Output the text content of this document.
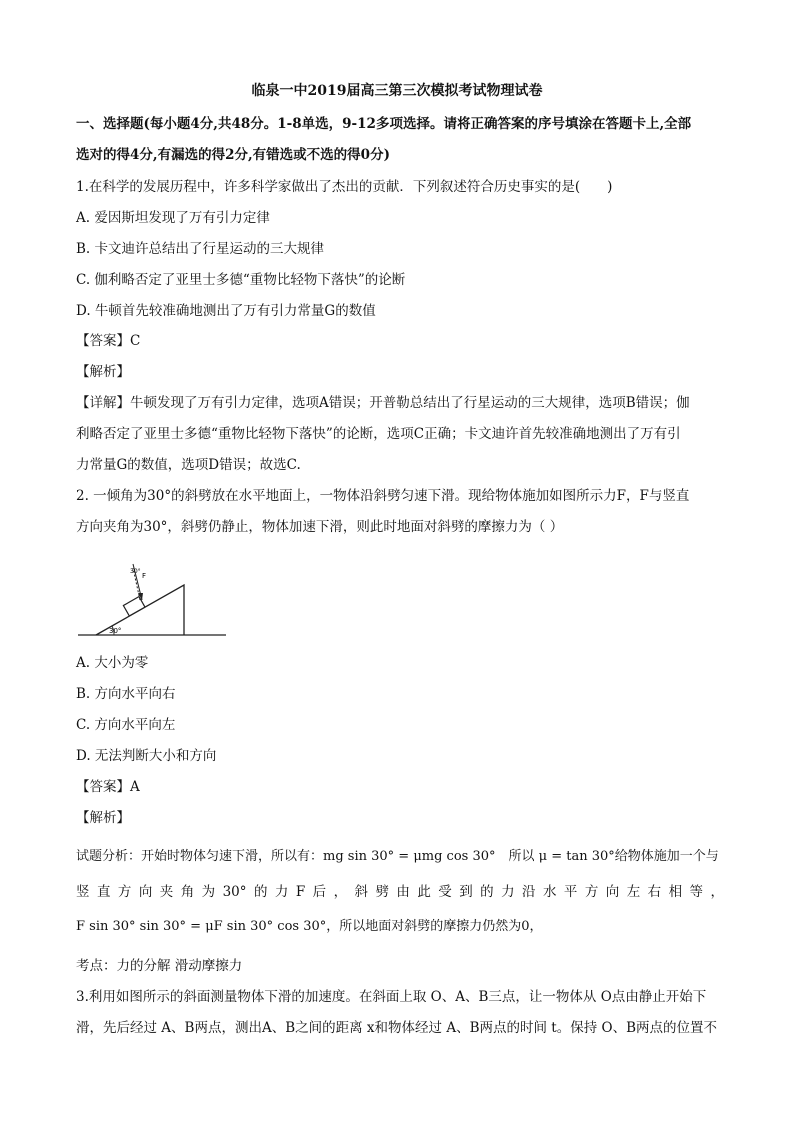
临泉一中2019届高三第三次模拟考试物理试卷
一、选择题(每小题4分,共48分。1-8单选，9-12多项选择。请将正确答案的序号填涂在答题卡上,全部
选对的得4分,有漏选的得2分,有错选或不选的得0分)
1.在科学的发展历程中，许多科学家做出了杰出的贡献．下列叙述符合历史事实的是(　　)
A. 爱因斯坦发现了万有引力定律
B. 卡文迪许总结出了行星运动的三大规律
C. 伽利略否定了亚里士多德“重物比轻物下落快”的论断
D. 牛顿首先较准确地测出了万有引力常量G的数值
【答案】C
【解析】
【详解】牛顿发现了万有引力定律，选项A错误；开普勒总结出了行星运动的三大规律，选项B错误；伽
利略否定了亚里士多德“重物比轻物下落快”的论断，选项C正确；卡文迪许首先较准确地测出了万有引
力常量G的数值，选项D错误；故选C.
2. 一倾角为30°的斜劈放在水平地面上，一物体沿斜劈匀速下滑。现给物体施加如图所示力F，F与竖直
方向夹角为30°，斜劈仍静止，物体加速下滑，则此时地面对斜劈的摩擦力为（ ）
30°
F
30°
A. 大小为零
B. 方向水平向右
C. 方向水平向左
D. 无法判断大小和方向
【答案】A
【解析】
试题分析：开始时物体匀速下滑，所以有：mg sin 30° = μmg cos 30°　所以 μ = tan 30°给物体施加一个与
竖 直 方 向 夹 角 为 30° 的 力 F 后 ， 斜 劈 由 此 受 到 的 力 沿 水 平 方 向 左 右 相 等 ，
F sin 30° sin 30° = μF sin 30° cos 30°，所以地面对斜劈的摩擦力仍然为0，
考点：力的分解 滑动摩擦力
3.利用如图所示的斜面测量物体下滑的加速度。在斜面上取 O、A、B三点，让一物体从 O点由静止开始下
滑，先后经过 A、B两点，测出A、B之间的距离 x和物体经过 A、B两点的时间 t。保持 O、B两点的位置不
